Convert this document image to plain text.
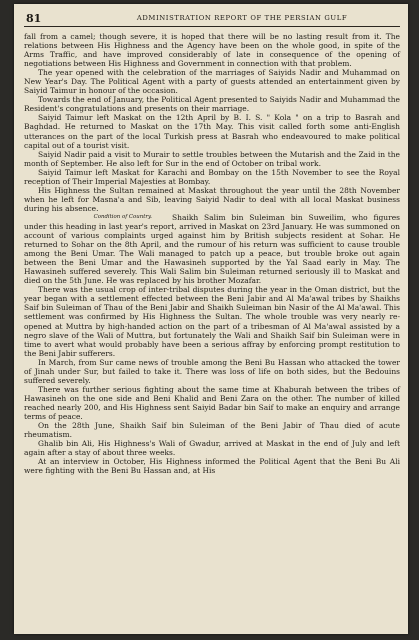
81	ADMINISTRATION REPORT OF THE PERSIAN GULF

fall from a camel; though severe, it is hoped that there will be no lasting result from it. The relations between His Highness and the Agency have been on the whole good, in spite of the Arms Traffic, and have improved considerably of late in consequence of the opening of negotiations between His Highness and Government in connection with that problem.

The year opened with the celebration of the marriages of Saiyids Nadir and Muhammad on New Year's Day. The Political Agent with a party of guests attended an entertainment given by Saiyid Taimur in honour of the occasion.

Towards the end of January, the Political Agent presented to Saiyids Nadir and Muhammad the Resident's congratulations and presents on their marriage.

Saiyid Taimur left Maskat on the 12th April by B. I. S. " Kola " on a trip to Basrah and Baghdad. He returned to Maskat on the 17th May. This visit called forth some anti-English utterances on the part of the local Turkish press at Basrah who endeavoured to make political capital out of a tourist visit.

Saiyid Nadir paid a visit to Murair to settle troubles between the Mutarish and the Zaid in the month of September. He also left for Sur in the end of October on tribal work.

Saiyid Taimur left Maskat for Karachi and Bombay on the 15th November to see the Royal reception of Their Imperial Majesties at Bombay.

His Highness the Sultan remained at Maskat throughout the year until the 28th November when he left for Masna'a and Sib, leaving Saiyid Nadir to deal with all local Maskat business during his absence.

Condition of Country.	Shaikh Salim bin Suleiman bin Suweilim, who figures under this heading in last year's report, arrived in Maskat on 23rd January. He was summoned on account of various complaints urged against him by British subjects resident at Sohar. He returned to Sohar on the 8th April, and the rumour of his return was sufficient to cause trouble among the Beni Umar. The Wali managed to patch up a peace, but trouble broke out again between the Beni Umar and the Hawasineh supported by the Yal Saad early in May. The Hawasineh suffered severely. This Wali Salim bin Suleiman returned seriously ill to Maskat and died on the 5th June. He was replaced by his brother Mozafar.

There was the usual crop of inter-tribal disputes during the year in the Oman district, but the year began with a settlement effected between the Beni Jabir and Al Ma'awal tribes by Shaikhs Saif bin Suleiman of Thau of the Beni Jabir and Shaikh Suleiman bin Nasir of the Al Ma'awal. This settlement was confirmed by His Highness the Sultan. The whole trouble was very nearly re-opened at Muttra by high-handed action on the part of a tribesman of Al Ma'awal assisted by a negro slave of the Wali of Muttra, but fortunately the Wali and Shaikh Saif bin Suleiman were in time to avert what would probably have been a serious affray by enforcing prompt restitution to the Beni Jabir sufferers.

In March, from Sur came news of trouble among the Beni Bu Hassan who attacked the tower of Jinah under Sur, but failed to take it. There was loss of life on both sides, but the Bedouins suffered severely.

There was further serious fighting about the same time at Khaburah between the tribes of Hawasineh on the one side and Beni Khalid and Beni Zara on the other. The number of killed reached nearly 200, and His Highness sent Saiyid Badar bin Saif to make an enquiry and arrange terms of peace.

On the 28th June, Shaikh Saif bin Suleiman of the Beni Jabir of Thau died of acute rheumatism.

Ghalib bin Ali, His Highness's Wali of Gwadur, arrived at Maskat in the end of July and left again after a stay of about three weeks.

At an interview in October, His Highness informed the Political Agent that the Beni Bu Ali were fighting with the Beni Bu Hassan and, at His
